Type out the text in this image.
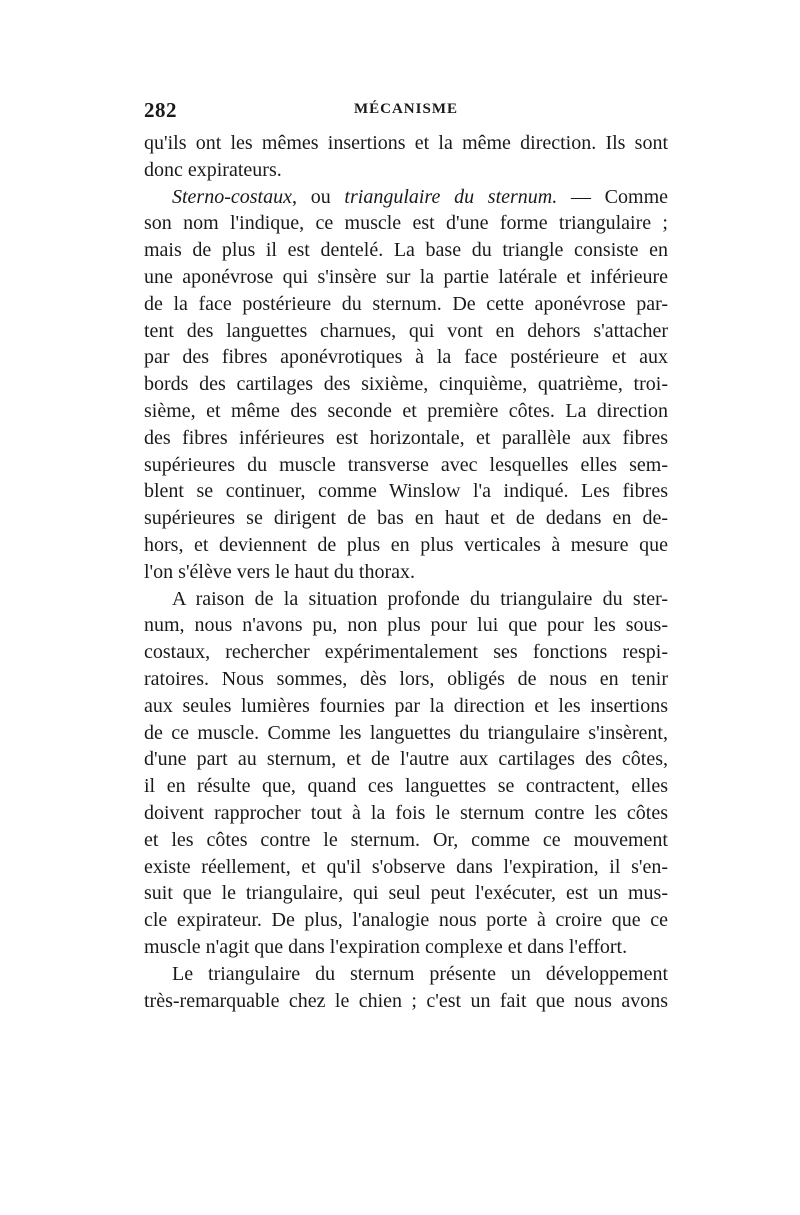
282	MÉCANISME
qu'ils ont les mêmes insertions et la même direction. Ils sont
donc expirateurs.
Sterno-costaux, ou triangulaire du sternum. — Comme
son nom l'indique, ce muscle est d'une forme triangulaire ;
mais de plus il est dentelé. La base du triangle consiste en
une aponévrose qui s'insère sur la partie latérale et inférieure
de la face postérieure du sternum. De cette aponévrose par-
tent des languettes charnues, qui vont en dehors s'attacher
par des fibres aponévrotiques à la face postérieure et aux
bords des cartilages des sixième, cinquième, quatrième, troi-
sième, et même des seconde et première côtes. La direction
des fibres inférieures est horizontale, et parallèle aux fibres
supérieures du muscle transverse avec lesquelles elles sem-
blent se continuer, comme Winslow l'a indiqué. Les fibres
supérieures se dirigent de bas en haut et de dedans en de-
hors, et deviennent de plus en plus verticales à mesure que
l'on s'élève vers le haut du thorax.
A raison de la situation profonde du triangulaire du ster-
num, nous n'avons pu, non plus pour lui que pour les sous-
costaux, rechercher expérimentalement ses fonctions respi-
ratoires. Nous sommes, dès lors, obligés de nous en tenir
aux seules lumières fournies par la direction et les insertions
de ce muscle. Comme les languettes du triangulaire s'insèrent,
d'une part au sternum, et de l'autre aux cartilages des côtes,
il en résulte que, quand ces languettes se contractent, elles
doivent rapprocher tout à la fois le sternum contre les côtes
et les côtes contre le sternum. Or, comme ce mouvement
existe réellement, et qu'il s'observe dans l'expiration, il s'en-
suit que le triangulaire, qui seul peut l'exécuter, est un mus-
cle expirateur. De plus, l'analogie nous porte à croire que ce
muscle n'agit que dans l'expiration complexe et dans l'effort.
Le triangulaire du sternum présente un développement
très-remarquable chez le chien ; c'est un fait que nous avons
